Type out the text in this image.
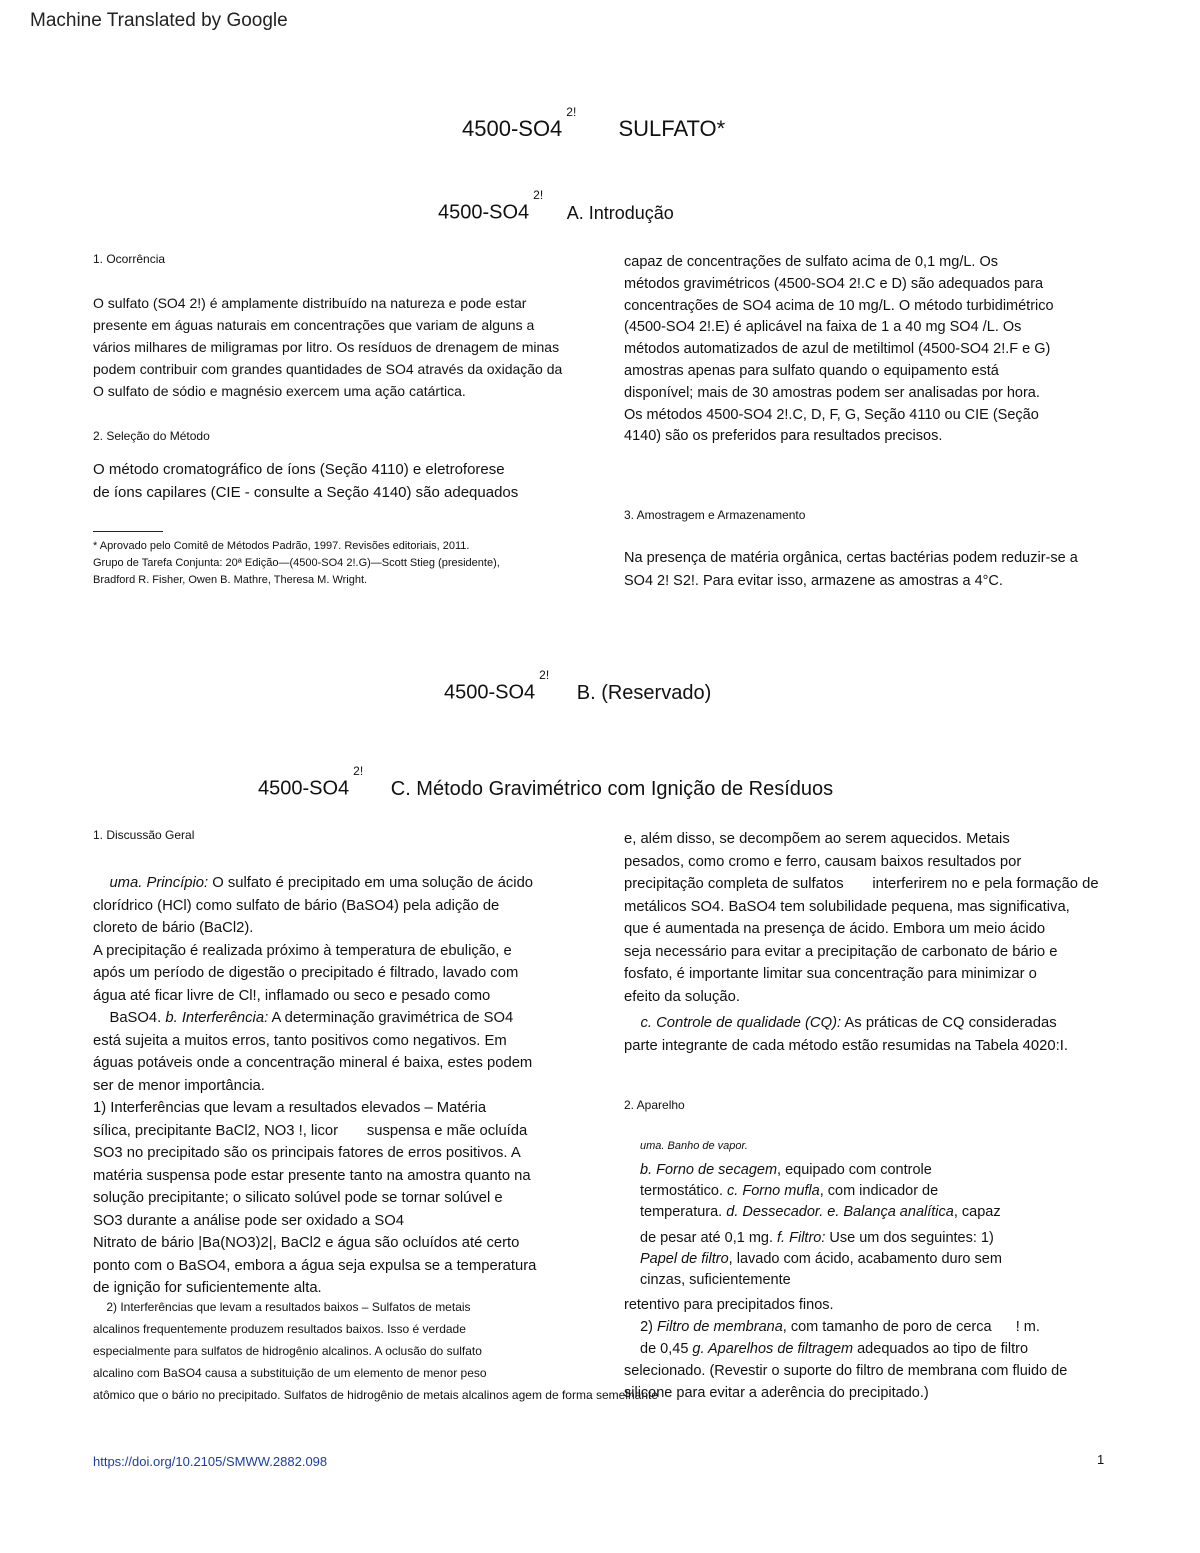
Machine Translated by Google
$4500-SO4^{2!}$ SULFATO*
$4500-SO4^{2!}$ A. Introdução
1. Ocorrência
O sulfato (SO4 2!) é amplamente distribuído na natureza e pode estar
presente em águas naturais em concentrações que variam de alguns a
vários milhares de miligramas por litro. Os resíduos de drenagem de minas
podem contribuir com grandes quantidades de SO4 através da oxidação da
O sulfato de sódio e magnésio exercem uma ação catártica.
2. Seleção do Método
O método cromatográfico de íons (Seção 4110) e eletroforese
de íons capilares (CIE - consulte a Seção 4140) são adequados
* Aprovado pelo Comitê de Métodos Padrão, 1997. Revisões editoriais, 2011.
Grupo de Tarefa Conjunta: 20ª Edição—(4500-SO4 2!.G)—Scott Stieg (presidente),
Bradford R. Fisher, Owen B. Mathre, Theresa M. Wright.
capaz de concentrações de sulfato acima de 0,1 mg/L. Os
métodos gravimétricos (4500-SO4 2!.C e D) são adequados para
concentrações de SO4 acima de 10 mg/L. O método turbidimétrico
(4500-SO4 2!.E) é aplicável na faixa de 1 a 40 mg SO4 /L. Os
métodos automatizados de azul de metiltimol (4500-SO4 2!.F e G)
amostras apenas para sulfato quando o equipamento está
disponível; mais de 30 amostras podem ser analisadas por hora.
Os métodos 4500-SO4 2!.C, D, F, G, Seção 4110 ou CIE (Seção
4140) são os preferidos para resultados precisos.
3. Amostragem e Armazenamento
Na presença de matéria orgânica, certas bactérias podem reduzir-se a
SO4 2! S2!. Para evitar isso, armazene as amostras a 4°C.
$4500-SO4^{2!}$ B. (Reservado)
$4500-SO4^{2!}$ C. Método Gravimétrico com Ignição de Resíduos
1. Discussão Geral
uma. Princípio: O sulfato é precipitado em uma solução de ácido
clorídrico (HCl) como sulfato de bário (BaSO4) pela adição de
cloreto de bário (BaCl2).
A precipitação é realizada próximo à temperatura de ebulição, e
após um período de digestão o precipitado é filtrado, lavado com
água até ficar livre de Cl!, inflamado ou seco e pesado como
BaSO4. b. Interferência: A determinação gravimétrica de SO4
está sujeita a muitos erros, tanto positivos como negativos. Em
águas potáveis onde a concentração mineral é baixa, estes podem
ser de menor importância.
1) Interferências que levam a resultados elevados – Matéria
sílica, precipitante BaCl2, NO3 !, licor       suspensa e mãe ocluída
SO3 no precipitado são os principais fatores de erros positivos. A
matéria suspensa pode estar presente tanto na amostra quanto na
solução precipitante; o silicato solúvel pode se tornar solúvel e
SO3 durante a análise pode ser oxidado a SO4
Nitrato de bário |Ba(NO3)2|, BaCl2 e água são ocluídos até certo
ponto com o BaSO4, embora a água seja expulsa se a temperatura
de ignição for suficientemente alta.
2) Interferências que levam a resultados baixos – Sulfatos de metais
alcalinos frequentemente produzem resultados baixos. Isso é verdade
especialmente para sulfatos de hidrogênio alcalinos. A oclusão do sulfato
alcalino com BaSO4 causa a substituição de um elemento de menor peso
atômico que o bário no precipitado. Sulfatos de hidrogênio de metais alcalinos agem de forma semelhante
e, além disso, se decompõem ao serem aquecidos. Metais
pesados, como cromo e ferro, causam baixos resultados por
precipitação completa de sulfatos       interferirem no e pela formação de
metálicos SO4. BaSO4 tem solubilidade pequena, mas significativa,
que é aumentada na presença de ácido. Embora um meio ácido
seja necessário para evitar a precipitação de carbonato de bário e
fosfato, é importante limitar sua concentração para minimizar o
efeito da solução.
c. Controle de qualidade (CQ): As práticas de CQ consideradas
parte integrante de cada método estão resumidas na Tabela 4020:I.
2. Aparelho
uma. Banho de vapor.
b. Forno de secagem, equipado com controle
termostático. c. Forno mufla, com indicador de
temperatura. d. Dessecador. e. Balança analítica, capaz
de pesar até 0,1 mg. f. Filtro: Use um dos seguintes: 1)
Papel de filtro, lavado com ácido, acabamento duro sem
cinzas, suficientemente
retentivo para precipitados finos.
2) Filtro de membrana, com tamanho de poro de cerca      ! m.
de 0,45 g. Aparelhos de filtragem adequados ao tipo de filtro
selecionado. (Revestir o suporte do filtro de membrana com fluido de
silicone para evitar a aderência do precipitado.)
https://doi.org/10.2105/SMWW.2882.098	1
